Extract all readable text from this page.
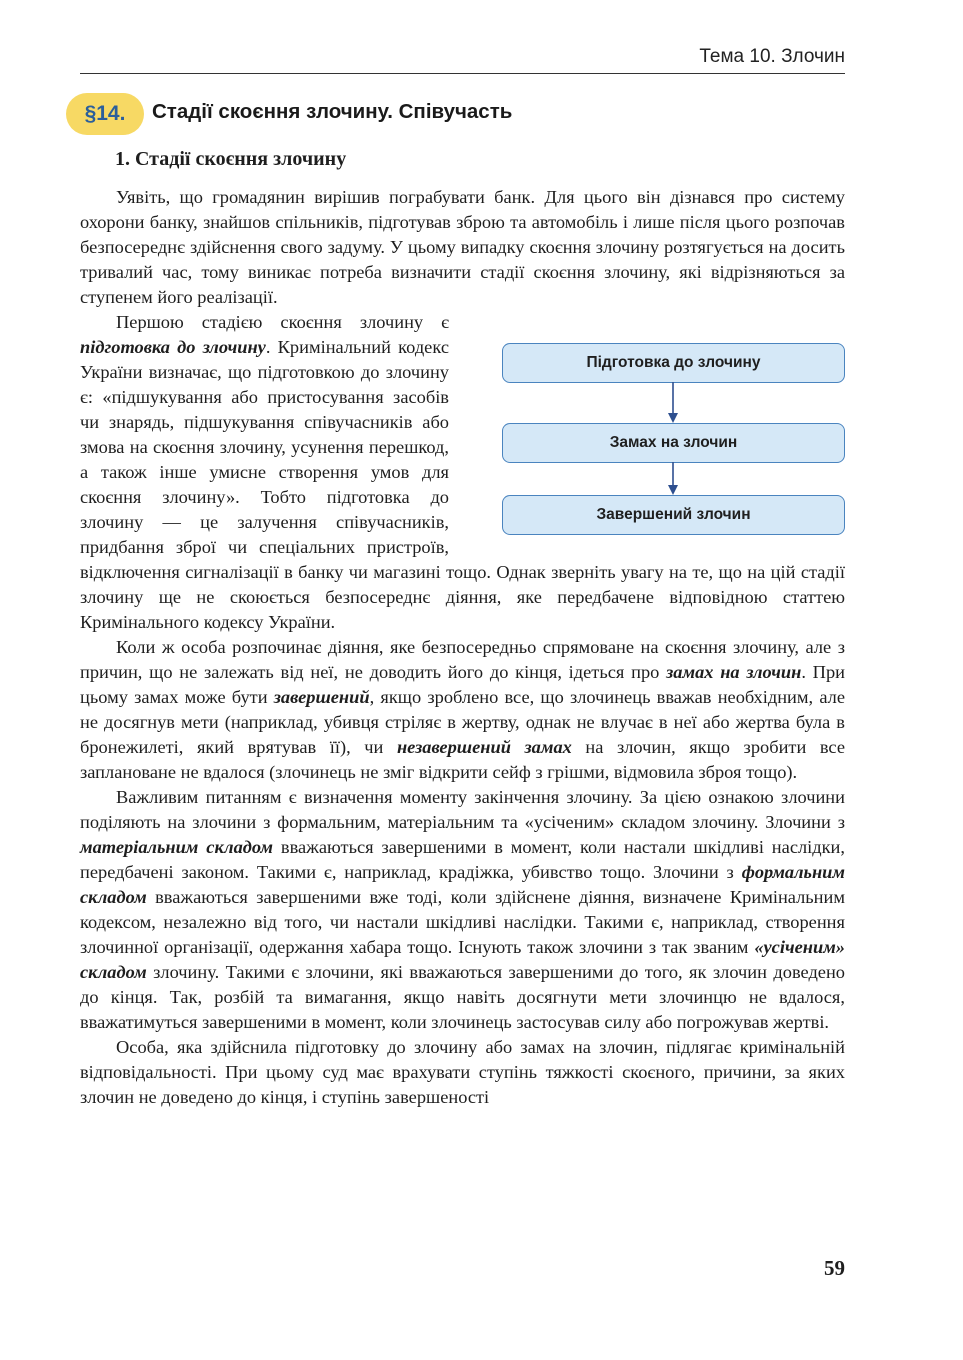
Тема 10. Злочин
§14.	Стадії скоєння злочину. Співучасть
1. Стадії скоєння злочину

Уявіть, що громадянин вирішив пограбувати банк. Для цього він дізнався про систему охорони банку, знайшов спільників, підготував зброю та автомобіль і лише після цього розпочав безпосереднє здійснення свого задуму. У цьому випадку скоєння злочину розтягується на досить тривалий час, тому виникає потреба визначити стадії скоєння злочину, які відрізняються за ступенем його реалізації.

Першою стадією скоєння злочину є підготовка до злочину. Кримінальний кодекс України визначає, що підготовкою до злочину є: «підшукування або пристосування засобів чи знарядь, підшукування співучасників або змова на скоєння злочину, усунення перешкод, а також інше умисне створення умов для скоєння злочину». Тобто підготовка до злочину — це залучення співучасників, придбання зброї чи спеціальних пристроїв, відключення сигналізації в банку чи магазині тощо. Однак зверніть увагу на те, що на цій стадії злочину ще не скоюється безпосереднє діяння, яке передбачене відповідною статтею Кримінального кодексу України.

Коли ж особа розпочинає діяння, яке безпосередньо спрямоване на скоєння злочину, але з причин, що не залежать від неї, не доводить його до кінця, ідеться про замах на злочин. При цьому замах може бути завершений, якщо зроблено все, що злочинець вважав необхідним, але не досягнув мети (наприклад, убивця стріляє в жертву, однак не влучає в неї або жертва була в бронежилеті, який врятував її), чи незавершений замах на злочин, якщо зробити все заплановане не вдалося (злочинець не зміг відкрити сейф з грішми, відмовила зброя тощо).

Важливим питанням є визначення моменту закінчення злочину. За цією ознакою злочини поділяють на злочини з формальним, матеріальним та «усіченим» складом злочину. Злочини з матеріальним складом вважаються завершеними в момент, коли настали шкідливі наслідки, передбачені законом. Такими є, наприклад, крадіжка, убивство тощо. Злочини з формальним складом вважаються завершеними вже тоді, коли здійснене діяння, визначене Кримінальним кодексом, незалежно від того, чи настали шкідливі наслідки. Такими є, наприклад, створення злочинної організації, одержання хабара тощо. Існують також злочини з так званим «усіченим» складом злочину. Такими є злочини, які вважаються завершеними до того, як злочин доведено до кінця. Так, розбій та вимагання, якщо навіть досягнути мети злочинцю не вдалося, вважатимуться завершеними в момент, коли злочинець застосував силу або погрожував жертві.

Особа, яка здійснила підготовку до злочину або замах на злочин, підлягає кримінальній відповідальності. При цьому суд має врахувати ступінь тяжкості скоєного, причини, за яких злочин не доведено до кінця, і ступінь завершеності

Підготовка до злочину
Замах на злочин
Завершений злочин
59
